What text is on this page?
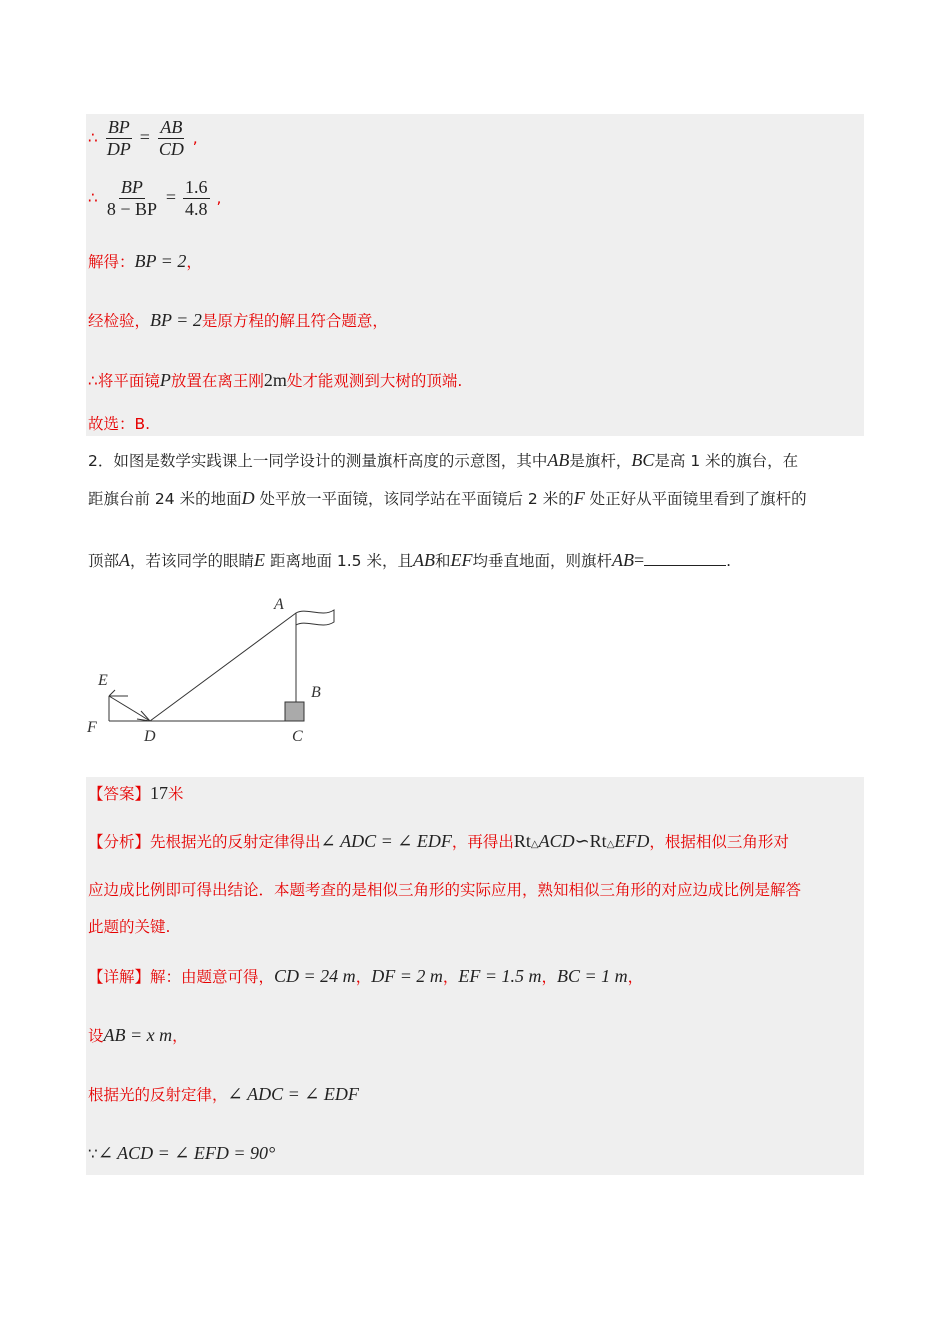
∴ $\frac{BP}{DP} = \frac{AB}{CD}$ ,
∴ $\frac{BP}{8 - BP} = \frac{1.6}{4.8}$ ,
解得：BP = 2，
经检验，BP = 2是原方程的解且符合题意，
∴将平面镜P放置在离王刚2m处才能观测到大树的顶端.
故选：B.
2．如图是数学实践课上一同学设计的测量旗杆高度的示意图，其中AB是旗杆，BC是高 1 米的旗台，在
距旗台前 24 米的地面D 处平放一平面镜，该同学站在平面镜后 2 米的F 处正好从平面镜里看到了旗杆的
顶部A，若该同学的眼睛E 距离地面 1.5 米，且AB和EF均垂直地面，则旗杆AB=	.
A
B
C
D
E
F
【答案】17米
【分析】先根据光的反射定律得出∠ ADC = ∠ EDF，再得出Rt△ACD∽Rt△EFD，根据相似三角形对
应边成比例即可得出结论．本题考查的是相似三角形的实际应用，熟知相似三角形的对应边成比例是解答
此题的关键.
【详解】解：由题意可得，CD = 24 m，DF = 2 m，EF = 1.5 m，BC = 1 m，
设AB = x m，
根据光的反射定律，∠ ADC = ∠ EDF
∵∠ ACD = ∠ EFD = 90°
